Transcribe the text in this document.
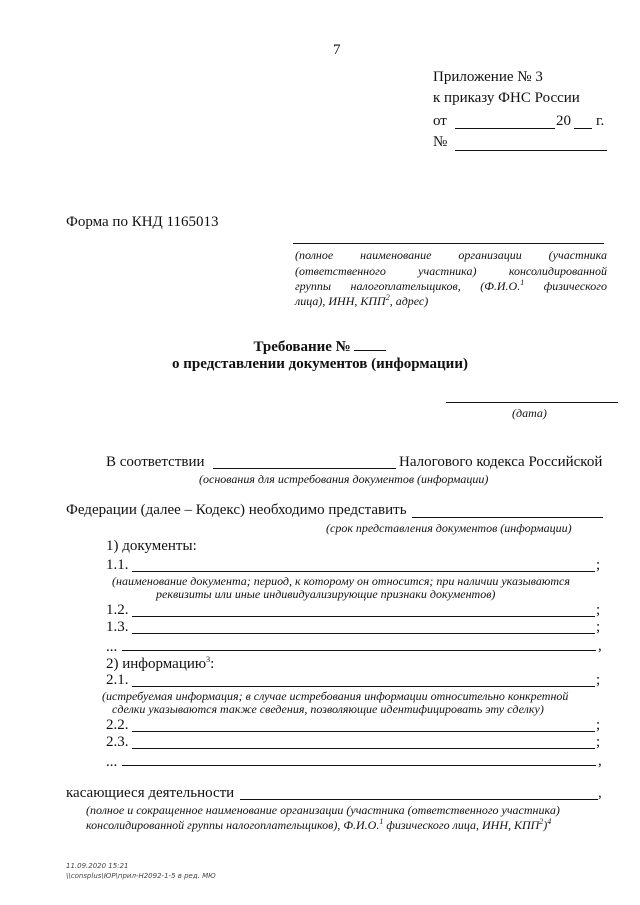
7
Приложение № 3
к приказу ФНС России
от	20 г.
№
Форма по КНД 1165013
(полное наименование организации (участника
(ответственного участника) консолидированной
группы налогоплательщиков, (Ф.И.О.$^1$ физического
лица), ИНН, КПП$^2$, адрес)
Требование №
о представлении документов (информации)
(дата)
В соответствии	Налогового кодекса Российской
(основания для истребования документов (информации)
Федерации (далее – Кодекс) необходимо представить
(срок представления документов (информации)
1) документы:
1.1.	;
(наименование документа; период, к которому он относится; при наличии указываются
реквизиты или иные индивидуализирующие признаки документов)
1.2.	;
1.3.	;
...	,
2) информацию$^3$:
2.1.	;
(истребуемая информация; в случае истребования информации относительно конкретной
сделки указываются также сведения, позволяющие идентифицировать эту сделку)
2.2.	;
2.3.	;
...	,
касающиеся деятельности	,
(полное и сокращенное наименование организации (участника (ответственного участника)
консолидированной группы налогоплательщиков), Ф.И.О.$^1$ физического лица, ИНН, КПП$^2$)$^4$
11.09.2020 15:21
\\consplus\ЮР\прил-Н2092-1-5 в ред. МЮ
